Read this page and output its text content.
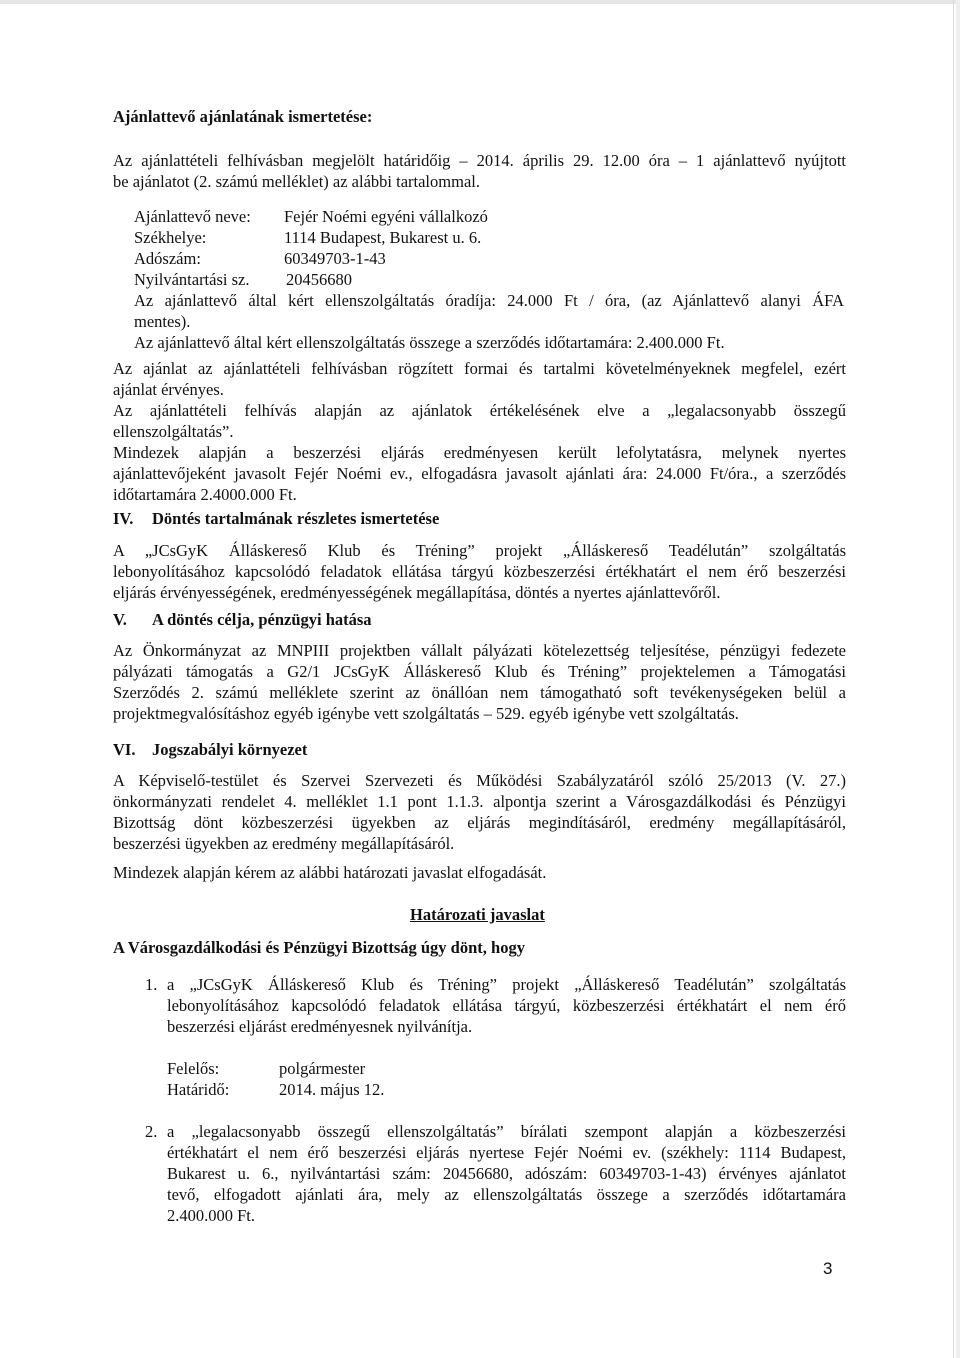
Ajánlattevő ajánlatának ismertetése:
Az ajánlattételi felhívásban megjelölt határidőig – 2014. április 29. 12.00 óra – 1 ajánlattevő nyújtott
be ajánlatot (2. számú melléklet) az alábbi tartalommal.
Ajánlattevő neve: Fejér Noémi egyéni vállalkozó
Székhelye:	1114 Budapest, Bukarest u. 6.
Adószám:	60349703-1-43
Nyilvántartási sz. 20456680
Az ajánlattevő által kért ellenszolgáltatás óradíja: 24.000 Ft / óra, (az Ajánlattevő alanyi ÁFA
mentes).
Az ajánlattevő által kért ellenszolgáltatás összege a szerződés időtartamára: 2.400.000 Ft.
Az ajánlat az ajánlattételi felhívásban rögzített formai és tartalmi követelményeknek megfelel, ezért
ajánlat érvényes.
Az ajánlattételi felhívás alapján az ajánlatok értékelésének elve a „legalacsonyabb összegű
ellenszolgáltatás”.
Mindezek alapján a beszerzési eljárás eredményesen került lefolytatásra, melynek nyertes
ajánlattevőjeként javasolt Fejér Noémi ev., elfogadásra javasolt ajánlati ára: 24.000 Ft/óra., a szerződés
időtartamára 2.4000.000 Ft.
IV. Döntés tartalmának részletes ismertetése
A „JCsGyK Álláskereső Klub és Tréning” projekt „Álláskereső Teadélután” szolgáltatás
lebonyolításához kapcsolódó feladatok ellátása tárgyú közbeszerzési értékhatárt el nem érő beszerzési
eljárás érvényességének, eredményességének megállapítása, döntés a nyertes ajánlattevőről.
V. A döntés célja, pénzügyi hatása
Az Önkormányzat az MNPIII projektben vállalt pályázati kötelezettség teljesítése, pénzügyi fedezete
pályázati támogatás a G2/1 JCsGyK Álláskereső Klub és Tréning” projektelemen a Támogatási
Szerződés 2. számú melléklete szerint az önállóan nem támogatható soft tevékenységeken belül a
projektmegvalósításhoz egyéb igénybe vett szolgáltatás – 529. egyéb igénybe vett szolgáltatás.
VI. Jogszabályi környezet
A Képviselő-testület és Szervei Szervezeti és Működési Szabályzatáról szóló 25/2013 (V. 27.)
önkormányzati rendelet 4. melléklet 1.1 pont 1.1.3. alpontja szerint a Városgazdálkodási és Pénzügyi
Bizottság dönt közbeszerzési ügyekben az eljárás megindításáról, eredmény megállapításáról,
beszerzési ügyekben az eredmény megállapításáról.
Mindezek alapján kérem az alábbi határozati javaslat elfogadását.
Határozati javaslat
A Városgazdálkodási és Pénzügyi Bizottság úgy dönt, hogy
1. a „JCsGyK Álláskereső Klub és Tréning” projekt „Álláskereső Teadélután” szolgáltatás
lebonyolításához kapcsolódó feladatok ellátása tárgyú, közbeszerzési értékhatárt el nem érő
beszerzési eljárást eredményesnek nyilvánítja.
Felelős:	polgármester
Határidő:	2014. május 12.
2. a „legalacsonyabb összegű ellenszolgáltatás” bírálati szempont alapján a közbeszerzési
értékhatárt el nem érő beszerzési eljárás nyertese Fejér Noémi ev. (székhely: 1114 Budapest,
Bukarest u. 6., nyilvántartási szám: 20456680, adószám: 60349703-1-43) érvényes ajánlatot
tevő, elfogadott ajánlati ára, mely az ellenszolgáltatás összege a szerződés időtartamára
2.400.000 Ft.
3
